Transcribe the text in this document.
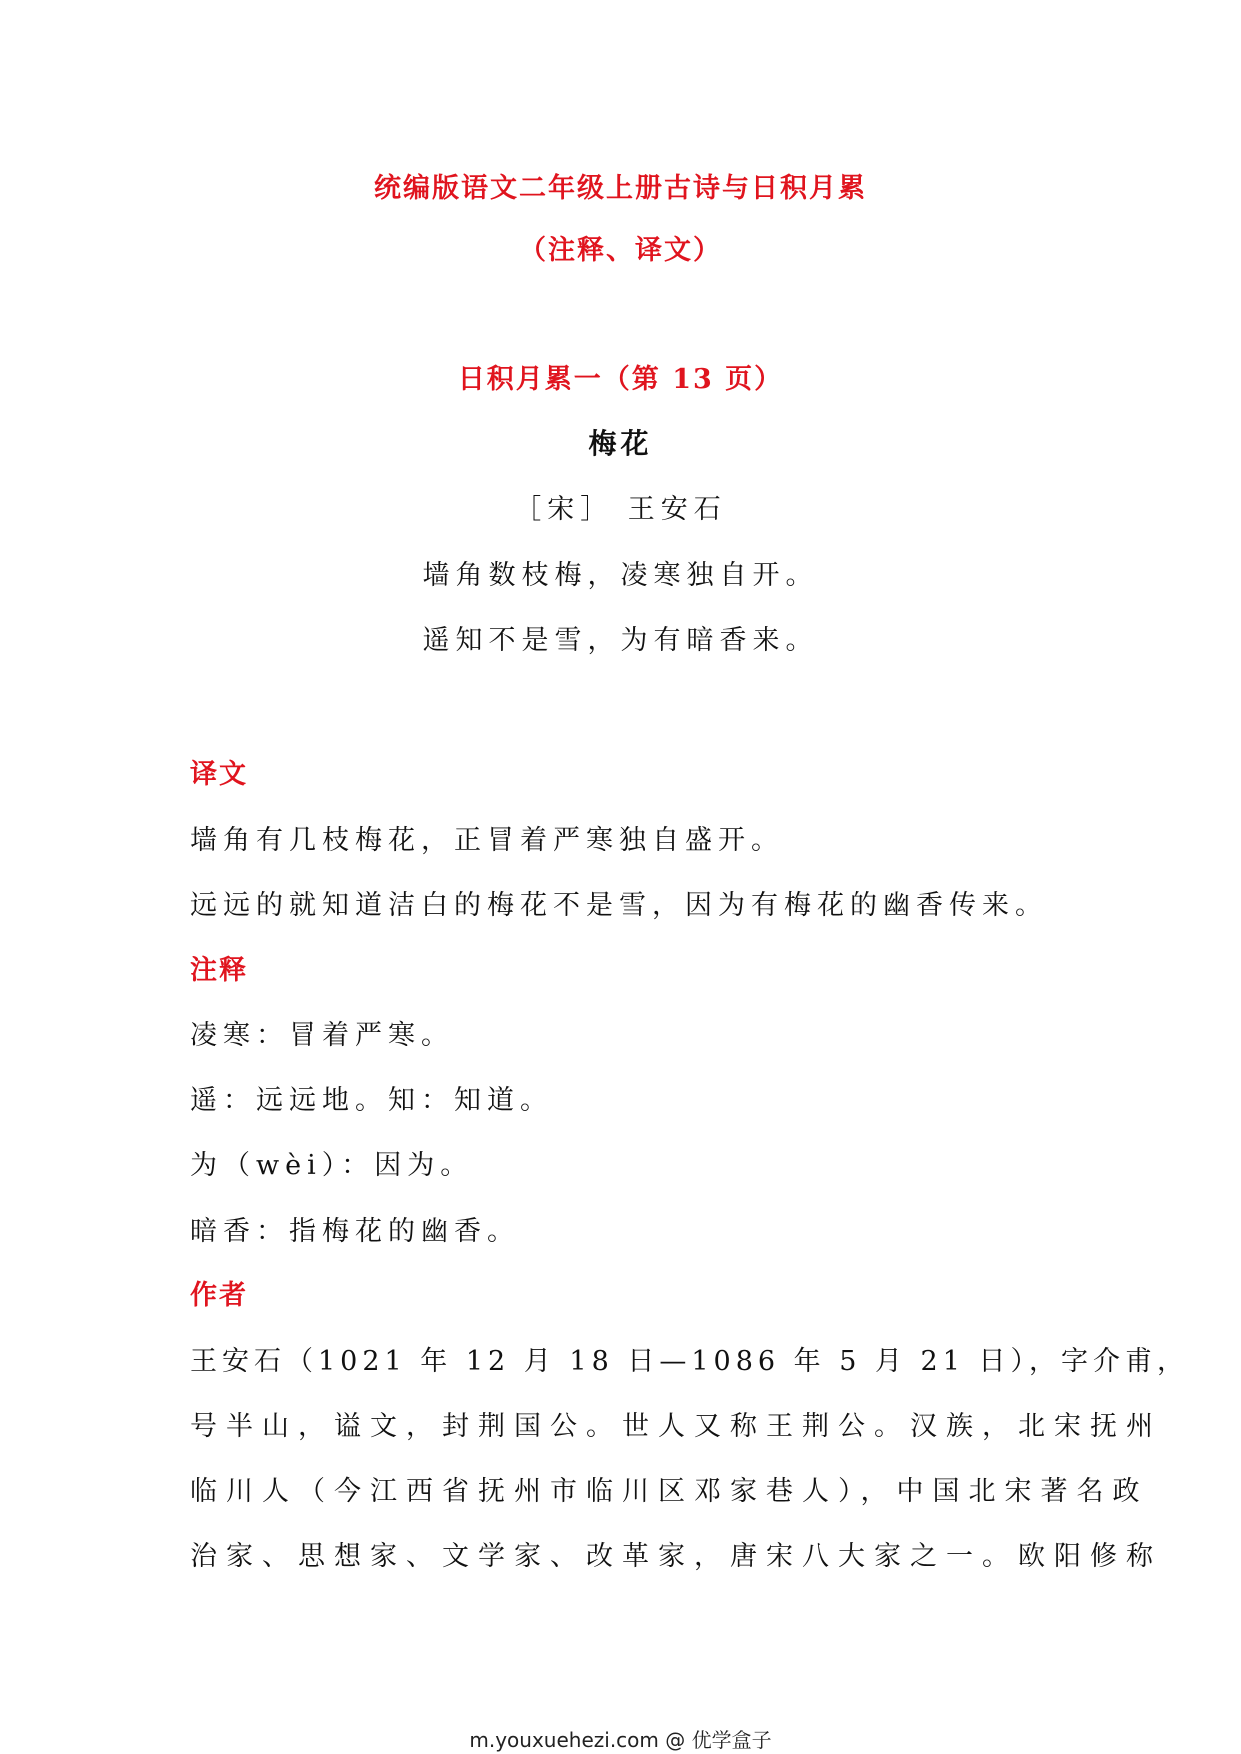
统编版语文二年级上册古诗与日积月累
（注释、译文）
日积月累一（第 13 页）
梅花
［宋］ 王安石
墙角数枝梅，凌寒独自开。
遥知不是雪，为有暗香来。
译文
墙角有几枝梅花，正冒着严寒独自盛开。
远远的就知道洁白的梅花不是雪，因为有梅花的幽香传来。
注释
凌寒：冒着严寒。
遥：远远地。知：知道。
为（wèi）：因为。
暗香：指梅花的幽香。
作者
王安石（1021 年 12 月 18 日—1086 年 5 月 21 日），字介甫，
号半山，谥文，封荆国公。世人又称王荆公。汉族，北宋抚州
临川人（今江西省抚州市临川区邓家巷人），中国北宋著名政
治家、思想家、文学家、改革家，唐宋八大家之一。欧阳修称
m.youxuehezi.com @ 优学盒子
